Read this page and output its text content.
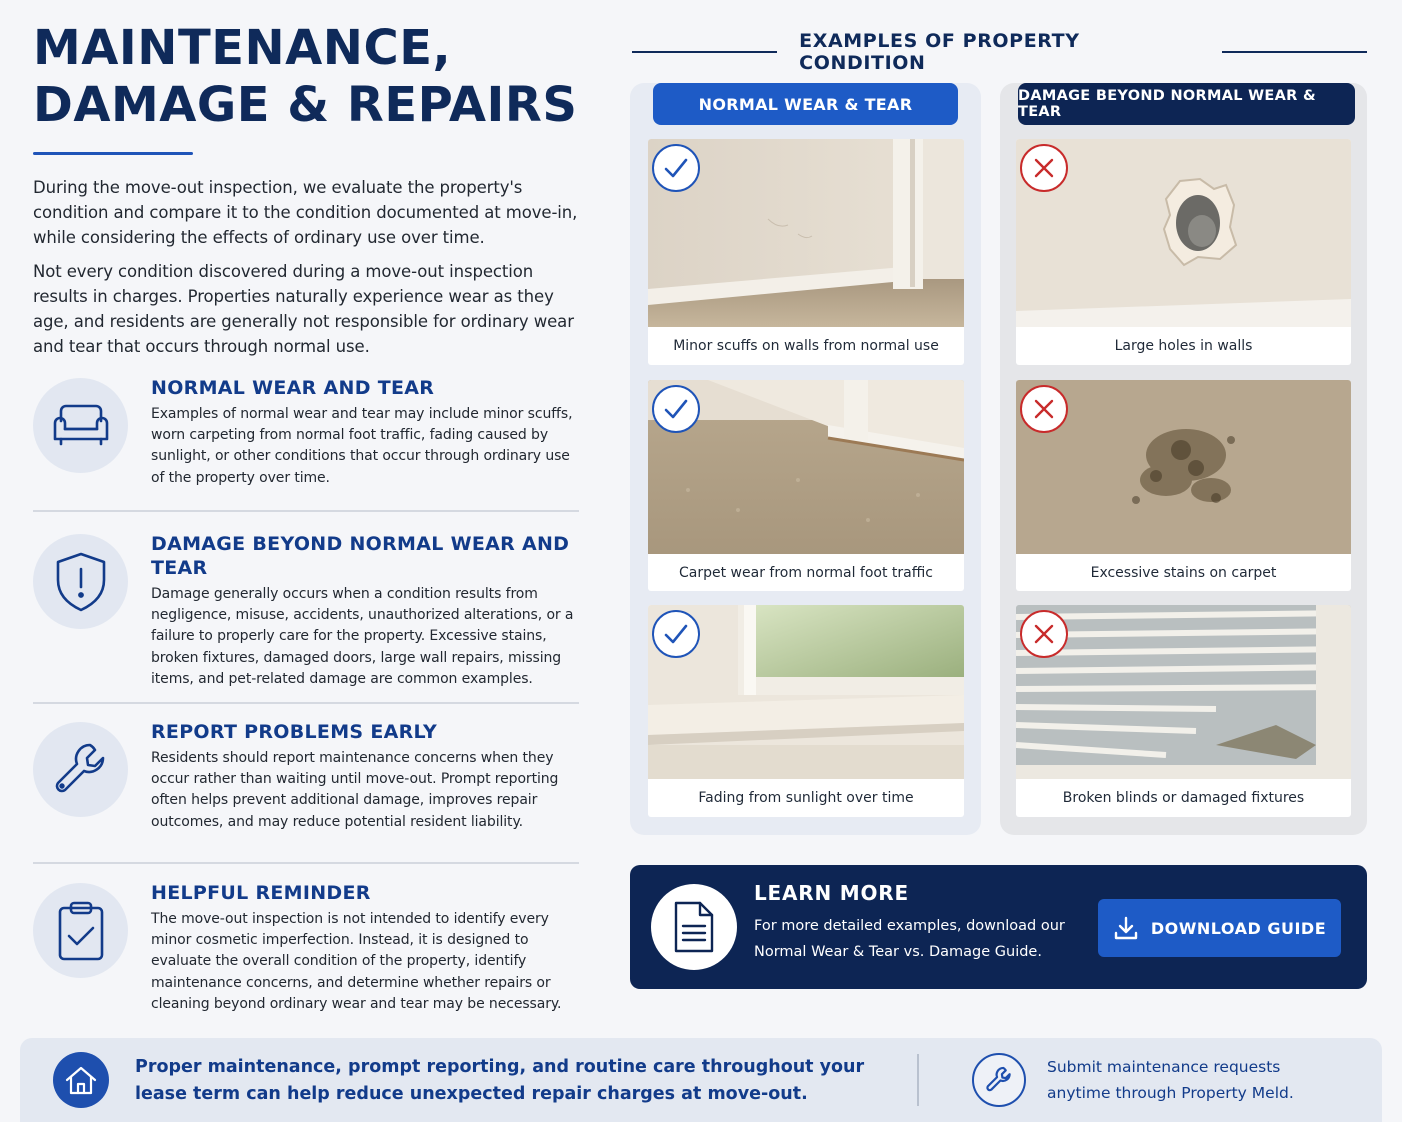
MAINTENANCE,
DAMAGE & REPAIRS

During the move-out inspection, we evaluate the property's condition and compare it to the condition documented at move-in, while considering the effects of ordinary use over time.

Not every condition discovered during a move-out inspection results in charges. Properties naturally experience wear as they age, and residents are generally not responsible for ordinary wear and tear that occurs through normal use.

NORMAL WEAR AND TEAR

Examples of normal wear and tear may include minor scuffs, worn carpeting from normal foot traffic, fading caused by sunlight, or other conditions that occur through ordinary use of the property over time.

DAMAGE BEYOND NORMAL WEAR AND TEAR

Damage generally occurs when a condition results from negligence, misuse, accidents, unauthorized alterations, or a failure to properly care for the property. Excessive stains, broken fixtures, damaged doors, large wall repairs, missing items, and pet-related damage are common examples.

REPORT PROBLEMS EARLY

Residents should report maintenance concerns when they occur rather than waiting until move-out. Prompt reporting often helps prevent additional damage, improves repair outcomes, and may reduce potential resident liability.

HELPFUL REMINDER

The move-out inspection is not intended to identify every minor cosmetic imperfection. Instead, it is designed to evaluate the overall condition of the property, identify maintenance concerns, and determine whether repairs or cleaning beyond ordinary wear and tear may be necessary.

EXAMPLES OF PROPERTY CONDITION
NORMAL WEAR & TEAR
Minor scuffs on walls from normal use
Carpet wear from normal foot traffic
Fading from sunlight over time
DAMAGE BEYOND NORMAL WEAR & TEAR
Large holes in walls
Excessive stains on carpet
Broken blinds or damaged fixtures
LEARN MORE

For more detailed examples, download our Normal Wear & Tear vs. Damage Guide.

DOWNLOAD GUIDE
Proper maintenance, prompt reporting, and routine care throughout your lease term can help reduce unexpected repair charges at move-out.
Submit maintenance requests anytime through Property Meld.
